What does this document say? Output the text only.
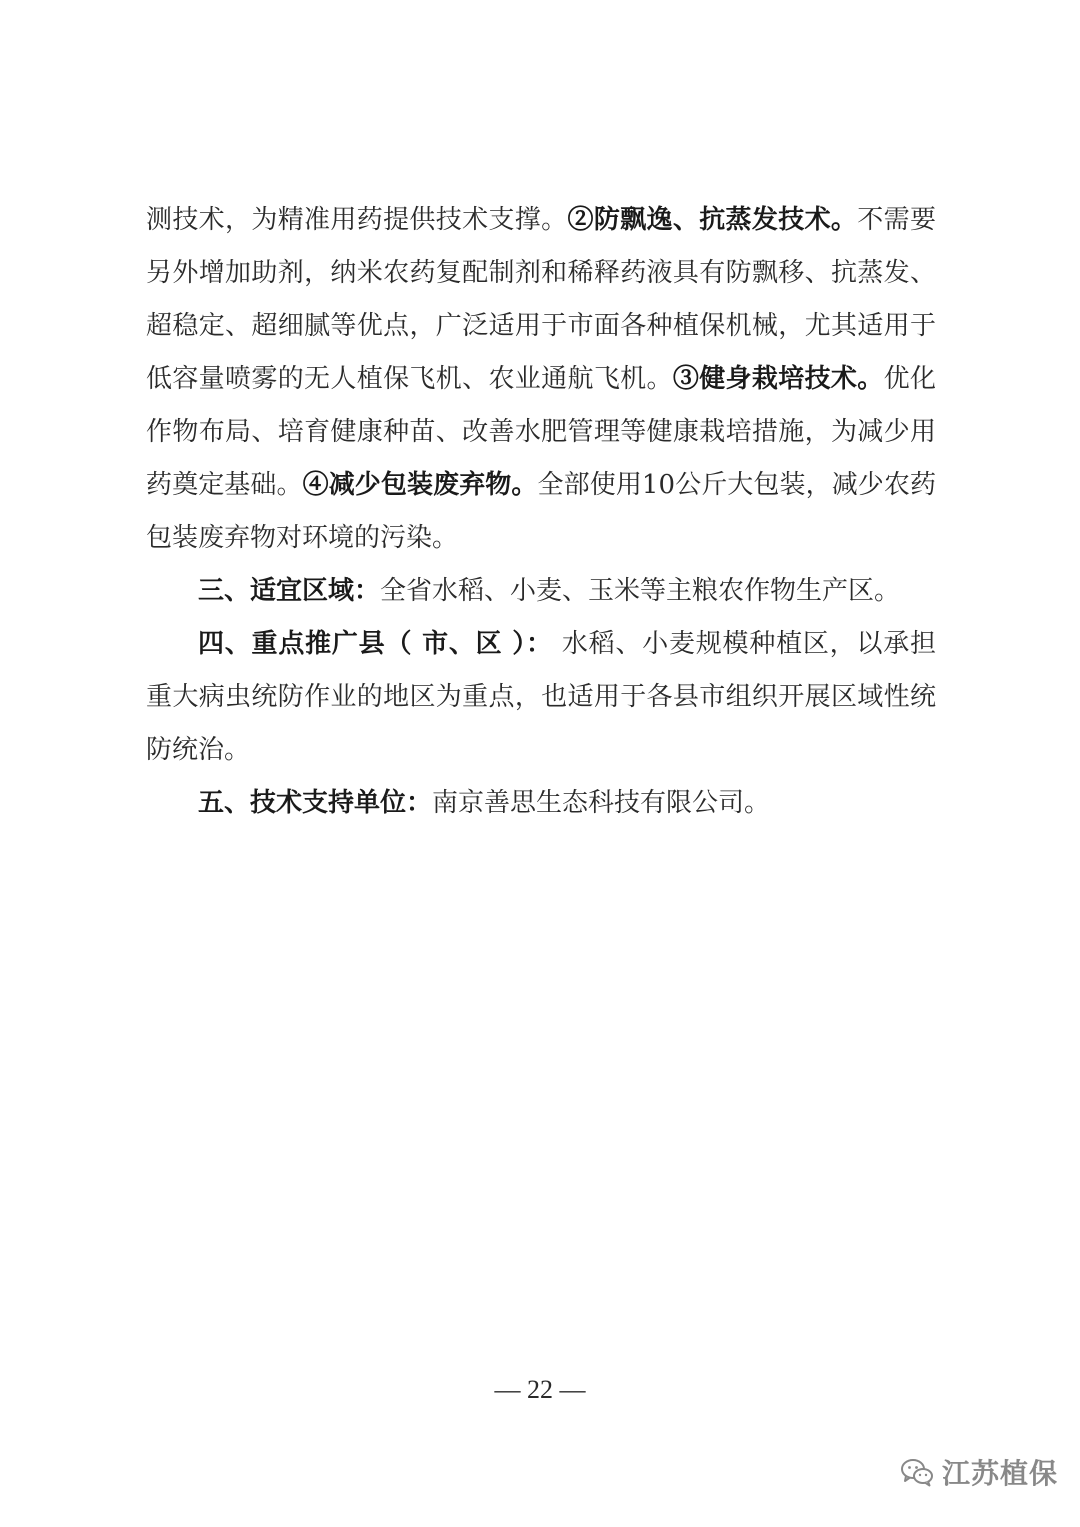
测技术，为精准用药提供技术支撑。②防飘逸、抗蒸发技术。不需要另外增加助剂，纳米农药复配制剂和稀释药液具有防飘移、抗蒸发、超稳定、超细腻等优点，广泛适用于市面各种植保机械，尤其适用于低容量喷雾的无人植保飞机、农业通航飞机。③健身栽培技术。优化作物布局、培育健康种苗、改善水肥管理等健康栽培措施，为减少用药奠定基础。④减少包装废弃物。全部使用10公斤大包装，减少农药包装废弃物对环境的污染。

三、适宜区域：全省水稻、小麦、玉米等主粮农作物生产区。

四、重点推广县（ 市、区 ）： 水稻、小麦规模种植区，以承担重大病虫统防作业的地区为重点，也适用于各县市组织开展区域性统防统治。

五、技术支持单位：南京善思生态科技有限公司。

— 22 —
江苏植保
